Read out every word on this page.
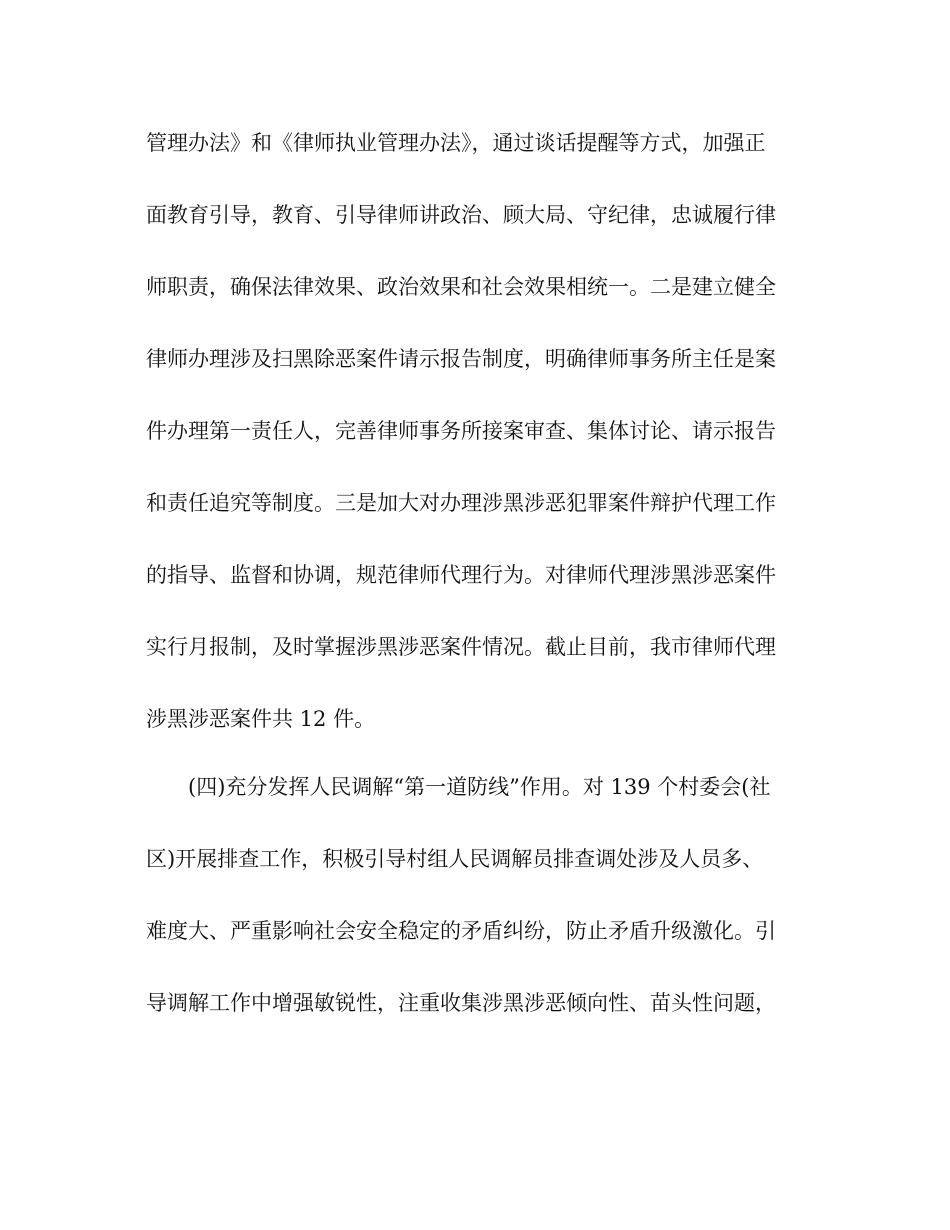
管理办法》和《律师执业管理办法》，通过谈话提醒等方式，加强正
面教育引导，教育、引导律师讲政治、顾大局、守纪律，忠诚履行律
师职责，确保法律效果、政治效果和社会效果相统一。二是建立健全
律师办理涉及扫黑除恶案件请示报告制度，明确律师事务所主任是案
件办理第一责任人，完善律师事务所接案审查、集体讨论、请示报告
和责任追究等制度。三是加大对办理涉黑涉恶犯罪案件辩护代理工作
的指导、监督和协调，规范律师代理行为。对律师代理涉黑涉恶案件
实行月报制，及时掌握涉黑涉恶案件情况。截止目前，我市律师代理
涉黑涉恶案件共 12 件。
(四)充分发挥人民调解“第一道防线”作用。对 139 个村委会(社
区)开展排查工作，积极引导村组人民调解员排查调处涉及人员多、
难度大、严重影响社会安全稳定的矛盾纠纷，防止矛盾升级激化。引
导调解工作中增强敏锐性，注重收集涉黑涉恶倾向性、苗头性问题，
